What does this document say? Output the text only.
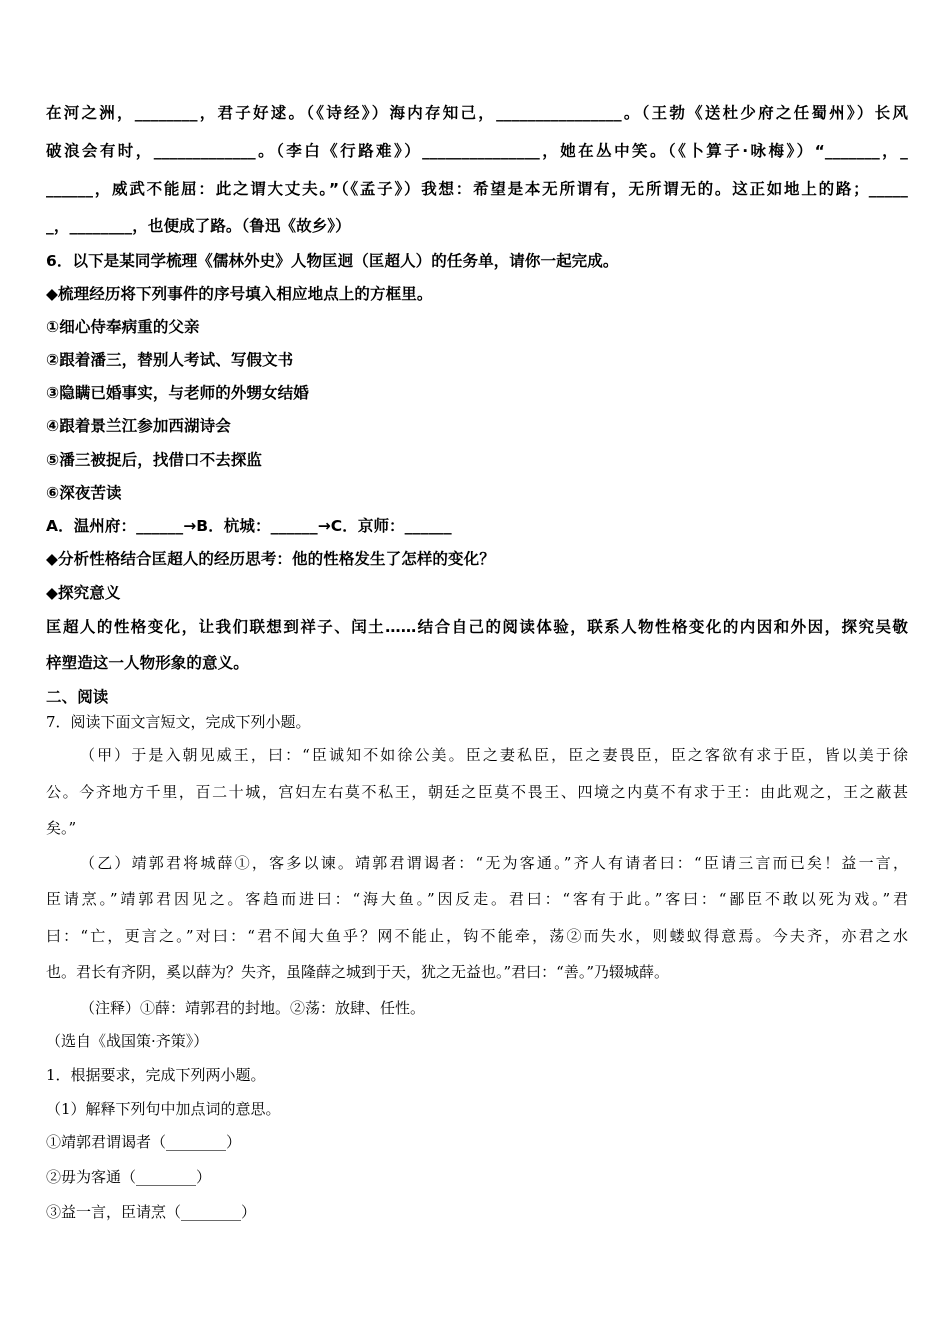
在河之洲，________，君子好逑。（《诗经》）海内存知己，________________。（王勃《送杜少府之任蜀州》）长风
破浪会有时，_____________。（李白《行路难》）_______________，她在丛中笑。（《卜算子·咏梅》）“_______，_
______，威武不能屈：此之谓大丈夫。”（《孟子》）我想：希望是本无所谓有，无所谓无的。这正如地上的路；_____
_，________，也便成了路。（鲁迅《故乡》）
6．以下是某同学梳理《儒林外史》人物匡迥（匡超人）的任务单，请你一起完成。
◆梳理经历将下列事件的序号填入相应地点上的方框里。
①细心侍奉病重的父亲
②跟着潘三，替别人考试、写假文书
③隐瞒已婚事实，与老师的外甥女结婚
④跟着景兰江参加西湖诗会
⑤潘三被捉后，找借口不去探监
⑥深夜苦读
A．温州府：______→B．杭城：______→C．京师：______
◆分析性格结合匡超人的经历思考：他的性格发生了怎样的变化？
◆探究意义
匡超人的性格变化，让我们联想到祥子、闰土……结合自己的阅读体验，联系人物性格变化的内因和外因，探究吴敬
梓塑造这一人物形象的意义。
二、阅读
7．阅读下面文言短文，完成下列小题。
（甲）于是入朝见威王，曰：“臣诚知不如徐公美。臣之妻私臣，臣之妻畏臣，臣之客欲有求于臣，皆以美于徐
公。今齐地方千里，百二十城，宫妇左右莫不私王，朝廷之臣莫不畏王、四境之内莫不有求于王：由此观之，王之蔽甚
矣。”
（乙）靖郭君将城薛①，客多以谏。靖郭君谓谒者：“无为客通。”齐人有请者曰：“臣请三言而已矣！益一言，
臣请烹。”靖郭君因见之。客趋而进曰：“海大鱼。”因反走。君曰：“客有于此。”客曰：“鄙臣不敢以死为戏。”君
曰：“亡，更言之。”对曰：“君不闻大鱼乎？网不能止，钩不能牵，荡②而失水，则蝼蚁得意焉。今夫齐，亦君之水
也。君长有齐阴，奚以薛为？失齐，虽隆薛之城到于天，犹之无益也。”君曰：“善。”乃辍城薛。
（注释）①薛：靖郭君的封地。②荡：放肆、任性。
（选自《战国策·齐策》）
1．根据要求，完成下列两小题。
（1）解释下列句中加点词的意思。
①靖郭君谓谒者（________）
②毋为客通（________）
③益一言，臣请烹（________）
